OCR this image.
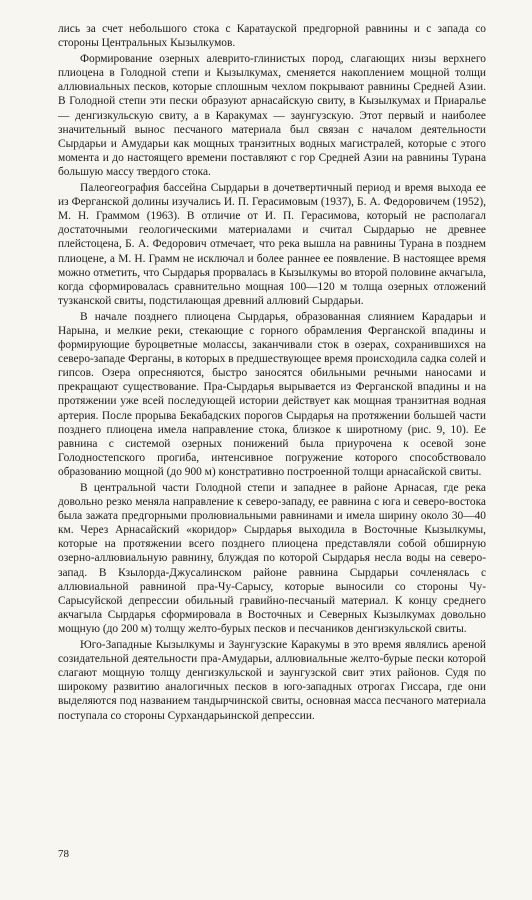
лись за счет небольшого стока с Каратауской предгорной равнины и с запада со стороны Центральных Кызылкумов.

Формирование озерных алеврито-глинистых пород, слагающих низы верхнего плиоцена в Голодной степи и Кызылкумах, сменяется накоплением мощной толщи аллювиальных песков, которые сплошным чехлом покрывают равнины Средней Азии. В Голодной степи эти пески образуют арнасайскую свиту, в Кызылкумах и Приаралье — денгизкульскую свиту, а в Каракумах — заунгузскую. Этот первый и наиболее значительный вынос песчаного материала был связан с началом деятельности Сырдарьи и Амударьи как мощных транзитных водных магистралей, которые с этого момента и до настоящего времени поставляют с гор Средней Азии на равнины Турана большую массу твердого стока.

Палеогеография бассейна Сырдарьи в дочетвертичный период и время выхода ее из Ферганской долины изучались И. П. Герасимовым (1937), Б. А. Федоровичем (1952), М. Н. Граммом (1963). В отличие от И. П. Герасимова, который не располагал достаточными геологическими материалами и считал Сырдарью не древнее плейстоцена, Б. А. Федорович отмечает, что река вышла на равнины Турана в позднем плиоцене, а М. Н. Грамм не исключал и более раннее ее появление. В настоящее время можно отметить, что Сырдарья прорвалась в Кызылкумы во второй половине акчагыла, когда сформировалась сравнительно мощная 100—120 м толща озерных отложений тузканской свиты, подстилающая древний аллювий Сырдарьи.

В начале позднего плиоцена Сырдарья, образованная слиянием Карадарьи и Нарына, и мелкие реки, стекающие с горного обрамления Ферганской впадины и формирующие буроцветные молассы, заканчивали сток в озерах, сохранившихся на северо-западе Ферганы, в которых в предшествующее время происходила садка солей и гипсов. Озера опресняются, быстро заносятся обильными речными наносами и прекращают существование. Пра-Сырдарья вырывается из Ферганской впадины и на протяжении уже всей последующей истории действует как мощная транзитная водная артерия. После прорыва Бекабадских порогов Сырдарья на протяжении большей части позднего плиоцена имела направление стока, близкое к широтному (рис. 9, 10). Ее равнина с системой озерных понижений была приурочена к осевой зоне Голодностепского прогиба, интенсивное погружение которого способствовало образованию мощной (до 900 м) констративно построенной толщи арнасайской свиты.

В центральной части Голодной степи и западнее в районе Арнасая, где река довольно резко меняла направление к северо-западу, ее равнина с юга и северо-востока была зажата предгорными пролювиальными равнинами и имела ширину около 30—40 км. Через Арнасайский «коридор» Сырдарья выходила в Восточные Кызылкумы, которые на протяжении всего позднего плиоцена представляли собой обширную озерно-аллювиальную равнину, блуждая по которой Сырдарья несла воды на северо-запад. В Кзылорда-Джусалинском районе равнина Сырдарьи сочленялась с аллювиальной равниной пра-Чу-Сарысу, которые выносили со стороны Чу-Сарысуйской депрессии обильный гравийно-песчаный материал. К концу среднего акчагыла Сырдарья сформировала в Восточных и Северных Кызылкумах довольно мощную (до 200 м) толщу желто-бурых песков и песчаников денгизкульской свиты.

Юго-Западные Кызылкумы и Заунгузские Каракумы в это время являлись ареной созидательной деятельности пра-Амударьи, аллювиальные желто-бурые пески которой слагают мощную толщу денгизкульской и заунгузской свит этих районов. Судя по широкому развитию аналогичных песков в юго-западных отрогах Гиссара, где они выделяются под названием тандырчинской свиты, основная масса песчаного материала поступала со стороны Сурхандарьинской депрессии.

78
